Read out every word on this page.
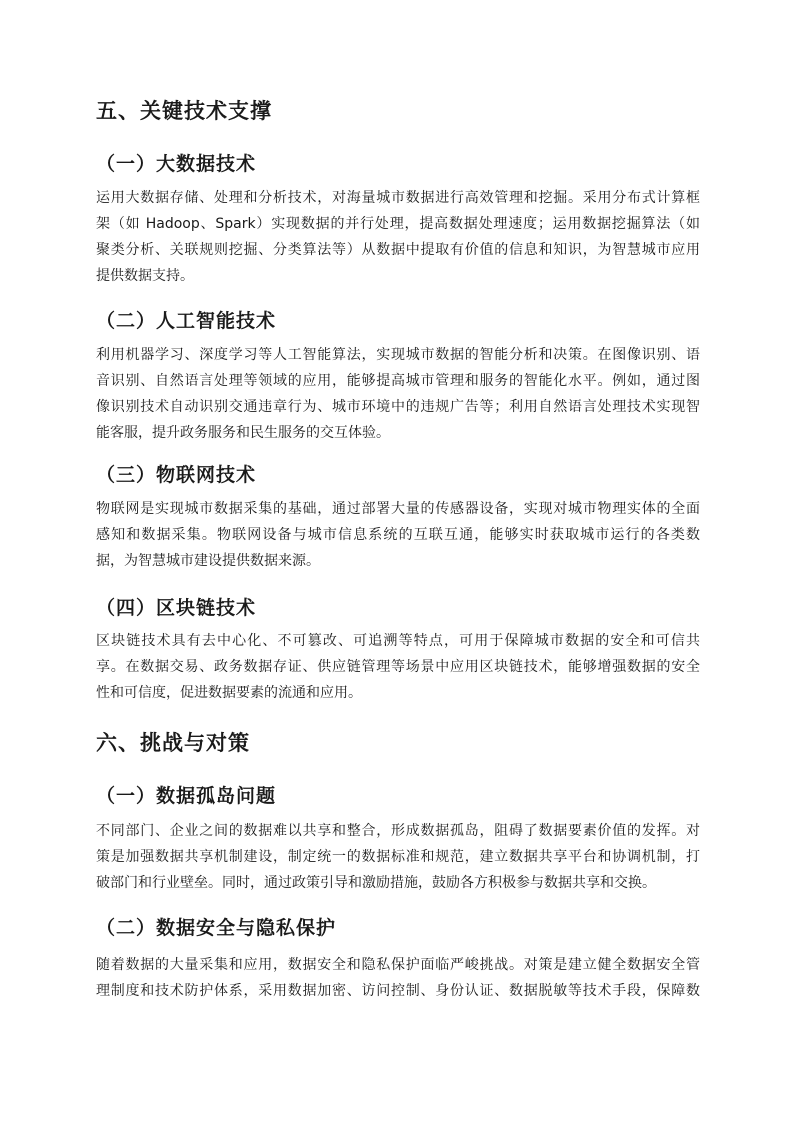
五、关键技术支撑
（一）大数据技术
运用大数据存储、处理和分析技术，对海量城市数据进行高效管理和挖掘。采用分布式计算框
架（如 Hadoop、Spark）实现数据的并行处理，提高数据处理速度；运用数据挖掘算法（如
聚类分析、关联规则挖掘、分类算法等）从数据中提取有价值的信息和知识，为智慧城市应用
提供数据支持。
（二）人工智能技术
利用机器学习、深度学习等人工智能算法，实现城市数据的智能分析和决策。在图像识别、语
音识别、自然语言处理等领域的应用，能够提高城市管理和服务的智能化水平。例如，通过图
像识别技术自动识别交通违章行为、城市环境中的违规广告等；利用自然语言处理技术实现智
能客服，提升政务服务和民生服务的交互体验。
（三）物联网技术
物联网是实现城市数据采集的基础，通过部署大量的传感器设备，实现对城市物理实体的全面
感知和数据采集。物联网设备与城市信息系统的互联互通，能够实时获取城市运行的各类数
据，为智慧城市建设提供数据来源。
（四）区块链技术
区块链技术具有去中心化、不可篡改、可追溯等特点，可用于保障城市数据的安全和可信共
享。在数据交易、政务数据存证、供应链管理等场景中应用区块链技术，能够增强数据的安全
性和可信度，促进数据要素的流通和应用。
六、挑战与对策
（一）数据孤岛问题
不同部门、企业之间的数据难以共享和整合，形成数据孤岛，阻碍了数据要素价值的发挥。对
策是加强数据共享机制建设，制定统一的数据标准和规范，建立数据共享平台和协调机制，打
破部门和行业壁垒。同时，通过政策引导和激励措施，鼓励各方积极参与数据共享和交换。
（二）数据安全与隐私保护
随着数据的大量采集和应用，数据安全和隐私保护面临严峻挑战。对策是建立健全数据安全管
理制度和技术防护体系，采用数据加密、访问控制、身份认证、数据脱敏等技术手段，保障数
